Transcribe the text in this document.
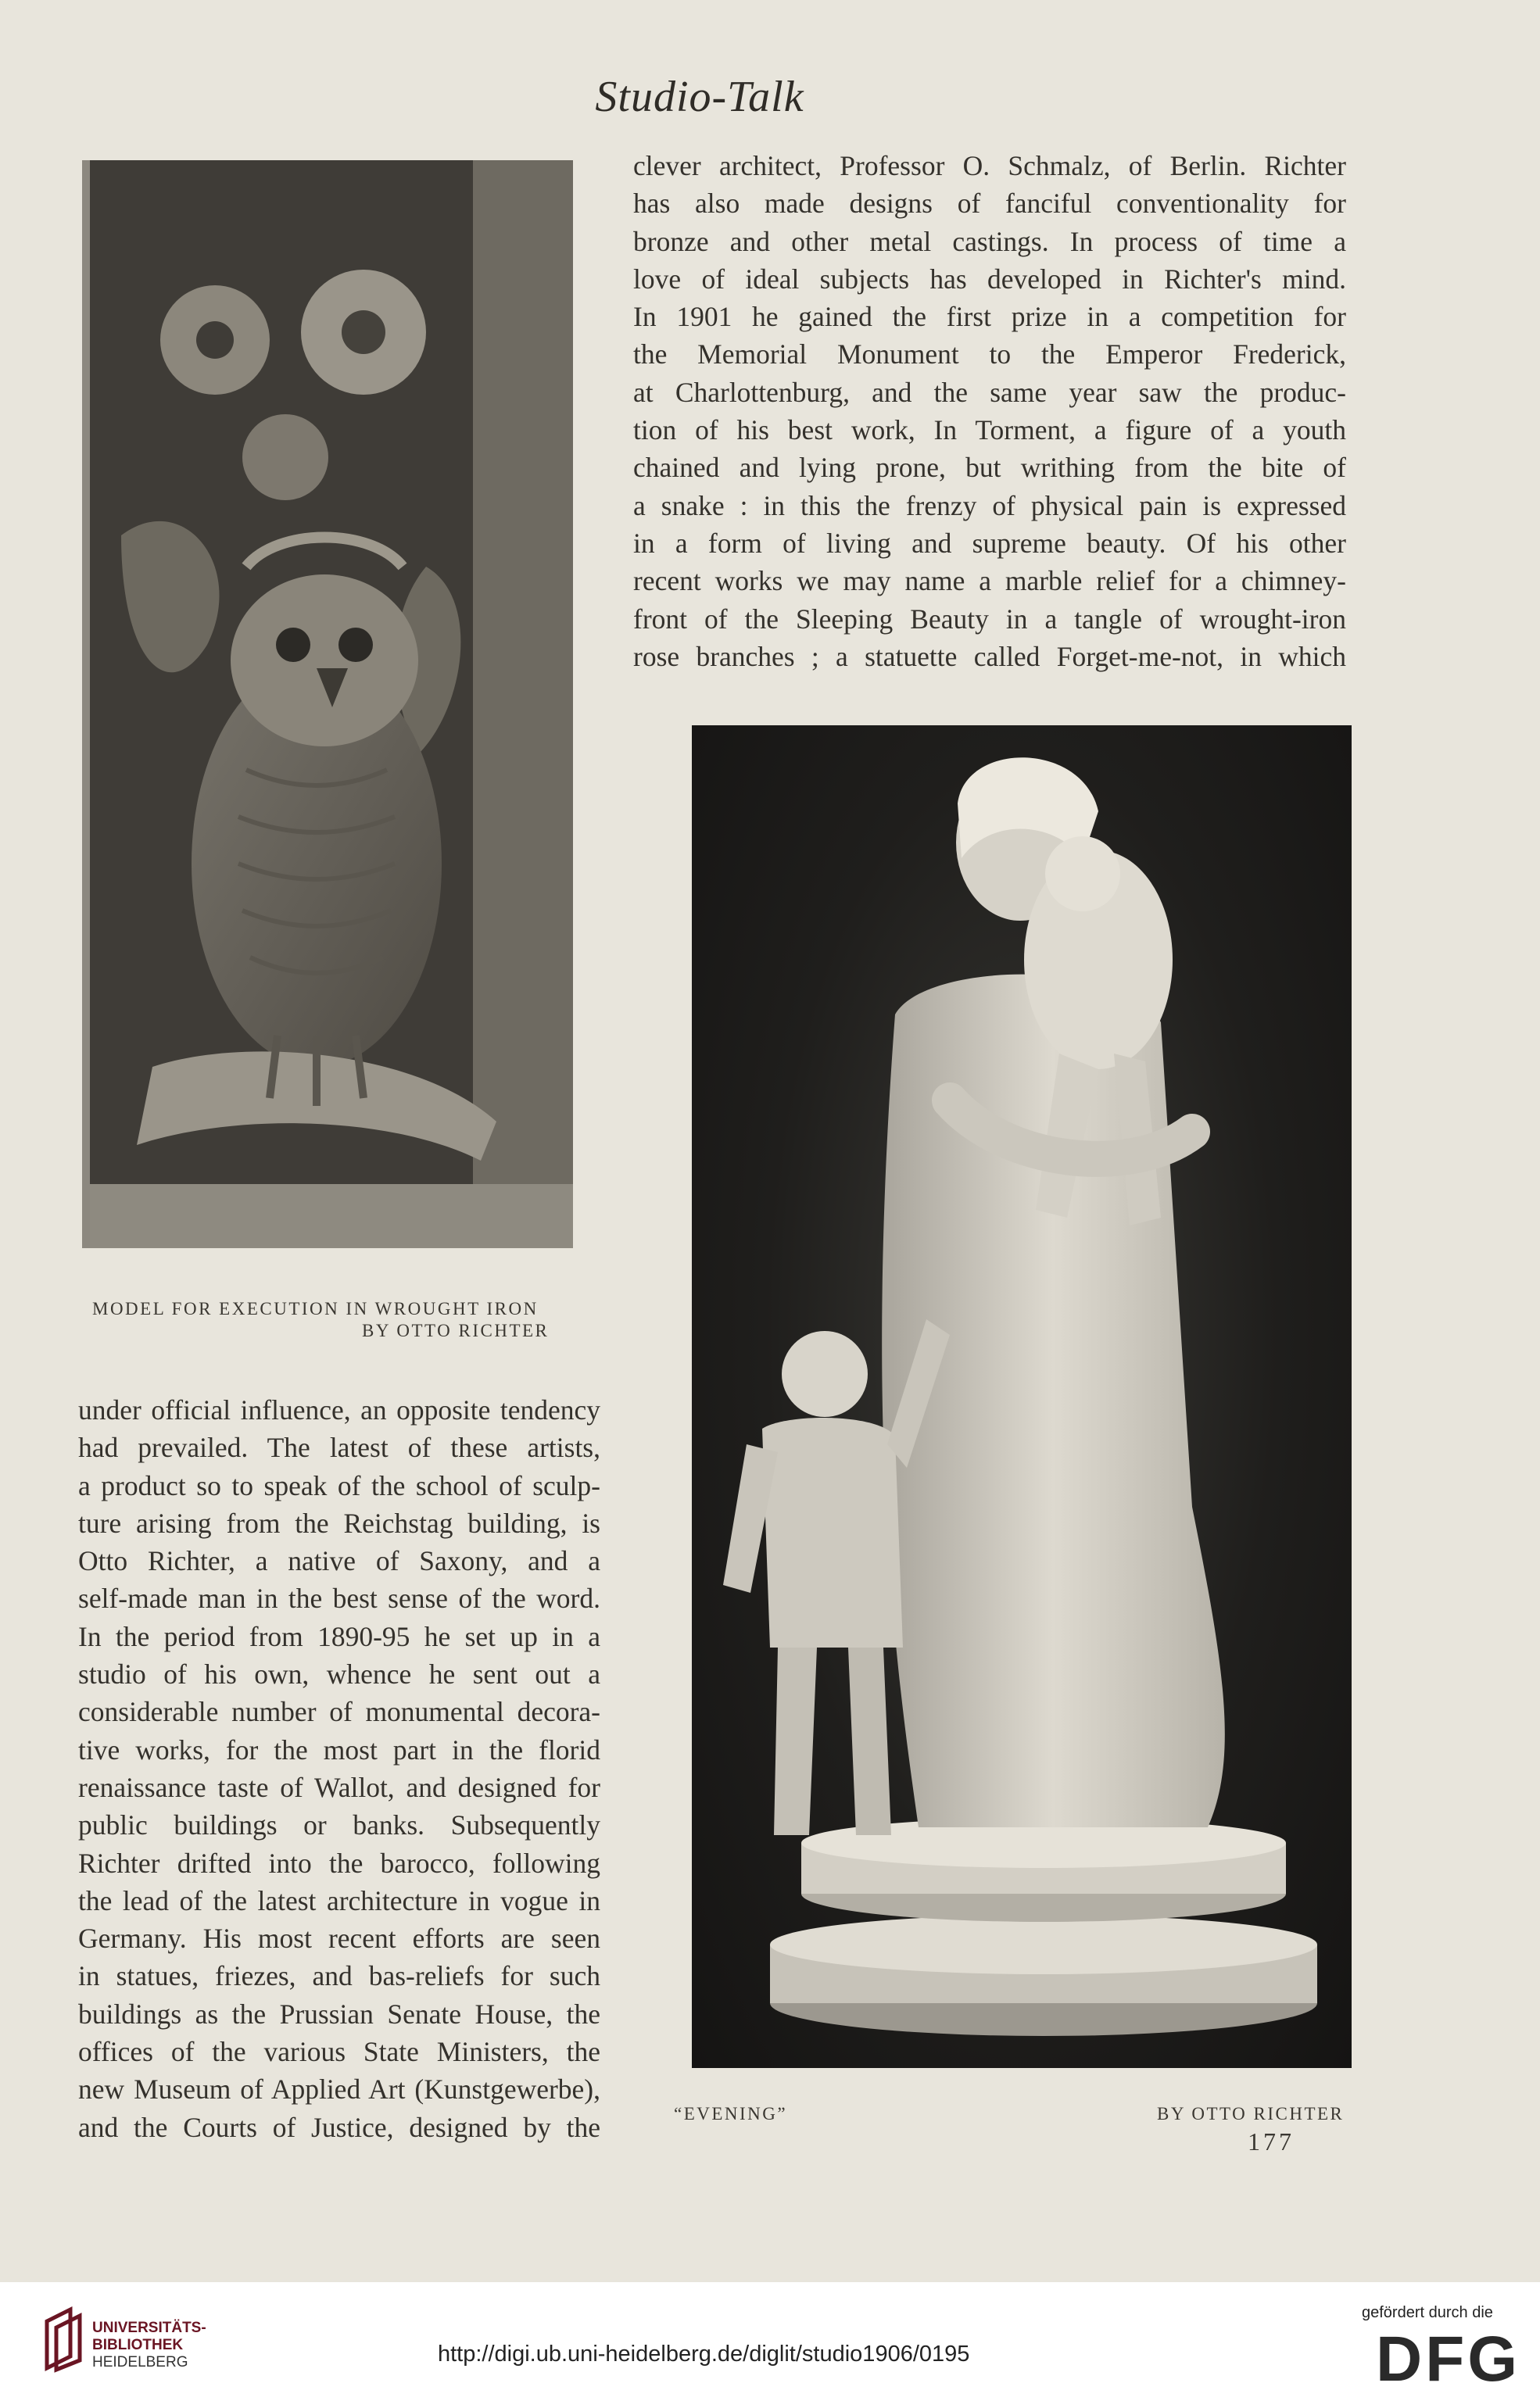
Studio-Talk
clever architect, Professor O. Schmalz, of Berlin. Richter
has also made designs of fanciful conventionality for
bronze and other metal castings. In process of time a
love of ideal subjects has developed in Richter's mind.
In 1901 he gained the first prize in a competition for
the Memorial Monument to the Emperor Frederick,
at Charlottenburg, and the same year saw the produc-
tion of his best work, In Torment, a figure of a youth
chained and lying prone, but writhing from the bite of
a snake : in this the frenzy of physical pain is expressed
in a form of living and supreme beauty. Of his other
recent works we may name a marble relief for a chimney-
front of the Sleeping Beauty in a tangle of wrought-iron
rose branches ; a statuette called Forget-me-not, in which
MODEL FOR EXECUTION IN WROUGHT IRON
BY OTTO RICHTER
under official influence, an opposite tendency
had prevailed. The latest of these artists,
a product so to speak of the school of sculp-
ture arising from the Reichstag building, is
Otto Richter, a native of Saxony, and a
self-made man in the best sense of the word.
In the period from 1890-95 he set up in a
studio of his own, whence he sent out a
considerable number of monumental decora-
tive works, for the most part in the florid
renaissance taste of Wallot, and designed for
public buildings or banks. Subsequently
Richter drifted into the barocco, following
the lead of the latest architecture in vogue in
Germany. His most recent efforts are seen
in statues, friezes, and bas-reliefs for such
buildings as the Prussian Senate House, the
offices of the various State Ministers, the
new Museum of Applied Art (Kunstgewerbe),
and the Courts of Justice, designed by the	“EVENING”	BY OTTO RICHTER
177
UNIVERSITÄTS-
BIBLIOTHEK
HEIDELBERG	http://digi.ub.uni-heidelberg.de/diglit/studio1906/0195
gefördert durch die
DFG
